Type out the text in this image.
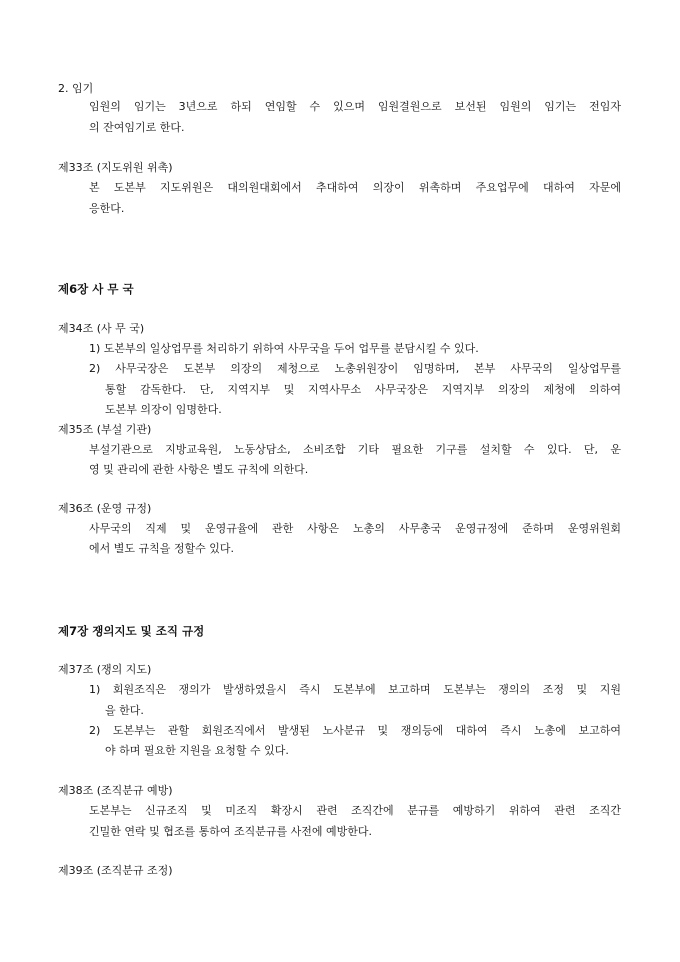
2. 임기
임원의 임기는 3년으로 하되 연임할 수 있으며 임원결원으로 보선된 임원의 임기는 전임자
의 잔여임기로 한다.
제33조 (지도위원 위촉)
본 도본부 지도위원은 대의원대회에서 추대하여 의장이 위촉하며 주요업무에 대하여 자문에
응한다.
제6장 사 무 국
제34조 (사 무 국)
1) 도본부의 일상업무를 처리하기 위하여 사무국을 두어 업무를 분담시킬 수 있다.
2) 사무국장은 도본부 의장의 제청으로 노총위원장이 임명하며, 본부 사무국의 일상업무를
통할 감독한다. 단, 지역지부 및 지역사무소 사무국장은 지역지부 의장의 제청에 의하여
도본부 의장이 임명한다.
제35조 (부설 기관)
부설기관으로 지방교육원, 노동상담소, 소비조합 기타 필요한 기구를 설치할 수 있다. 단, 운
영 및 관리에 관한 사항은 별도 규칙에 의한다.
제36조 (운영 규정)
사무국의 직제 및 운영규율에 관한 사항은 노총의 사무총국 운영규정에 준하며 운영위원회
에서 별도 규칙을 정할수 있다.
제7장 쟁의지도 및 조직 규정
제37조 (쟁의 지도)
1) 회원조직은 쟁의가 발생하였을시 즉시 도본부에 보고하며 도본부는 쟁의의 조정 및 지원
을 한다.
2) 도본부는 관할 회원조직에서 발생된 노사분규 및 쟁의등에 대하여 즉시 노총에 보고하여
야 하며 필요한 지원을 요청할 수 있다.
제38조 (조직분규 예방)
도본부는 신규조직 및 미조직 확장시 관련 조직간에 분규를 예방하기 위하여 관련 조직간
긴밀한 연락 및 협조를 통하여 조직분규를 사전에 예방한다.
제39조 (조직분규 조정)
